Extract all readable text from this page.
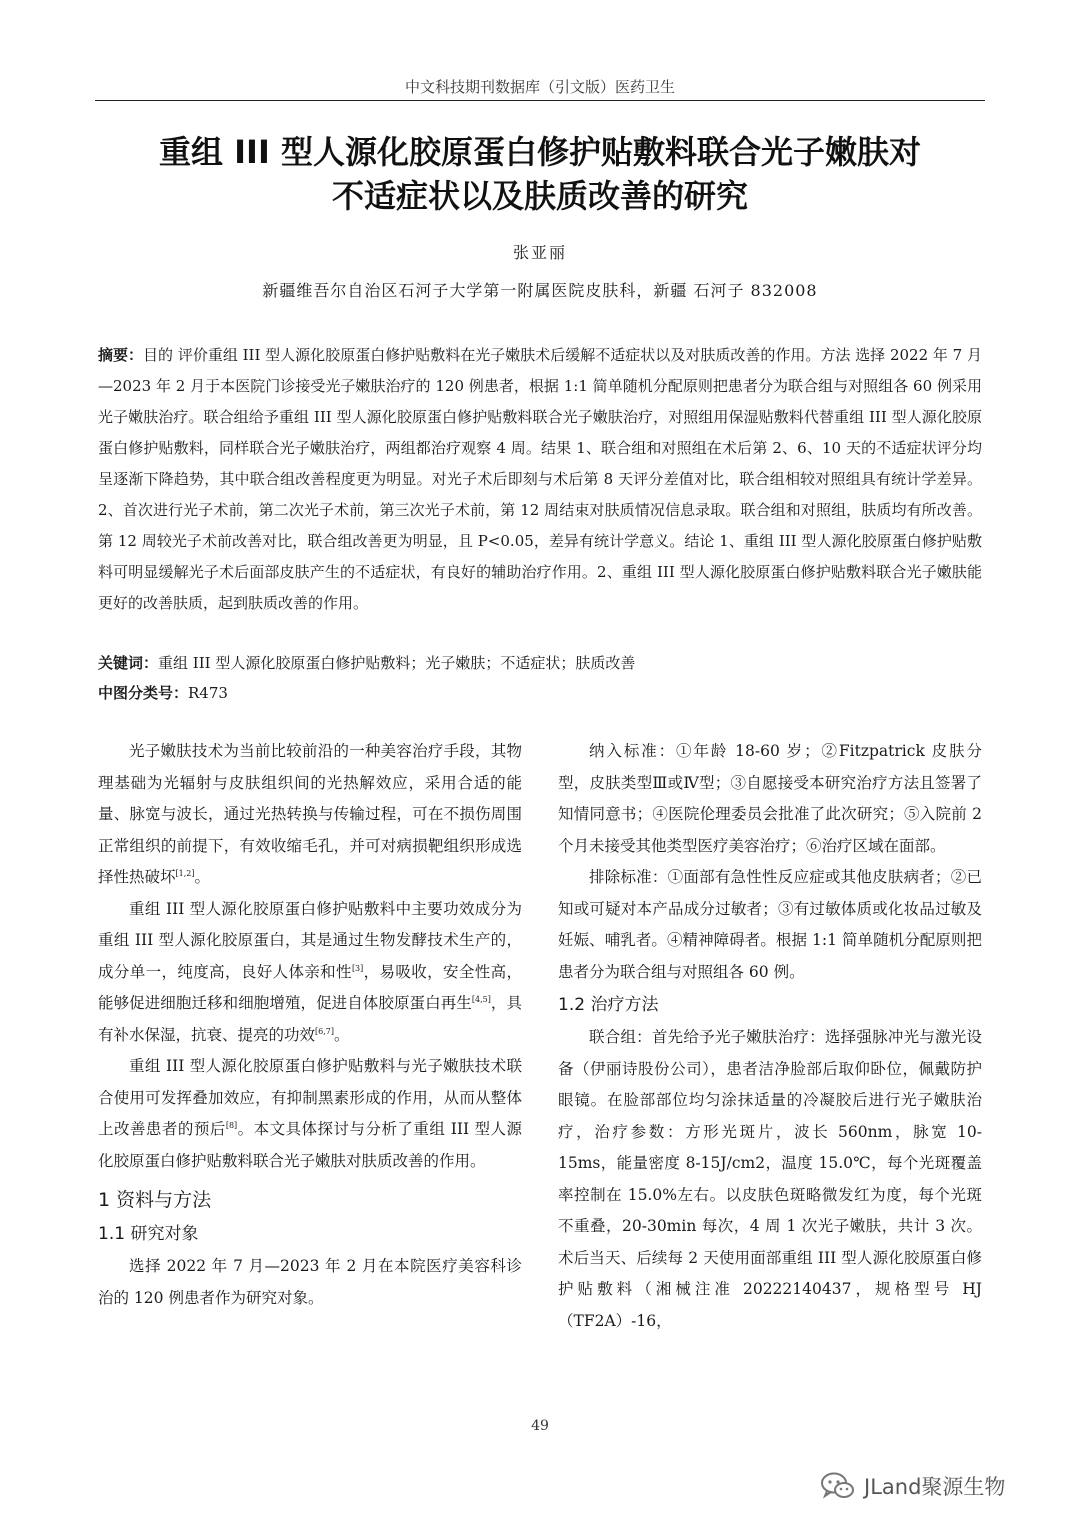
中文科技期刊数据库（引文版）医药卫生
重组 III 型人源化胶原蛋白修护贴敷料联合光子嫩肤对
不适症状以及肤质改善的研究
张亚丽
新疆维吾尔自治区石河子大学第一附属医院皮肤科，新疆 石河子 832008
摘要：目的 评价重组 III 型人源化胶原蛋白修护贴敷料在光子嫩肤术后缓解不适症状以及对肤质改善的作用。方法 选择 2022 年 7 月—2023 年 2 月于本医院门诊接受光子嫩肤治疗的 120 例患者，根据 1:1 简单随机分配原则把患者分为联合组与对照组各 60 例采用光子嫩肤治疗。联合组给予重组 III 型人源化胶原蛋白修护贴敷料联合光子嫩肤治疗，对照组用保湿贴敷料代替重组 III 型人源化胶原蛋白修护贴敷料，同样联合光子嫩肤治疗，两组都治疗观察 4 周。结果 1、联合组和对照组在术后第 2、6、10 天的不适症状评分均呈逐渐下降趋势，其中联合组改善程度更为明显。对光子术后即刻与术后第 8 天评分差值对比，联合组相较对照组具有统计学差异。2、首次进行光子术前，第二次光子术前，第三次光子术前，第 12 周结束对肤质情况信息录取。联合组和对照组，肤质均有所改善。第 12 周较光子术前改善对比，联合组改善更为明显，且 P<0.05，差异有统计学意义。结论 1、重组 III 型人源化胶原蛋白修护贴敷料可明显缓解光子术后面部皮肤产生的不适症状，有良好的辅助治疗作用。2、重组 III 型人源化胶原蛋白修护贴敷料联合光子嫩肤能更好的改善肤质，起到肤质改善的作用。
关键词：重组 III 型人源化胶原蛋白修护贴敷料；光子嫩肤；不适症状；肤质改善
中图分类号：R473

光子嫩肤技术为当前比较前沿的一种美容治疗手段，其物理基础为光辐射与皮肤组织间的光热解效应，采用合适的能量、脉宽与波长，通过光热转换与传输过程，可在不损伤周围正常组织的前提下，有效收缩毛孔，并可对病损靶组织形成选择性热破坏[1,2]。

重组 III 型人源化胶原蛋白修护贴敷料中主要功效成分为重组 III 型人源化胶原蛋白，其是通过生物发酵技术生产的，成分单一，纯度高，良好人体亲和性[3]，易吸收，安全性高，能够促进细胞迁移和细胞增殖，促进自体胶原蛋白再生[4,5]，具有补水保湿，抗衰、提亮的功效[6,7]。

重组 III 型人源化胶原蛋白修护贴敷料与光子嫩肤技术联合使用可发挥叠加效应，有抑制黑素形成的作用，从而从整体上改善患者的预后[8]。本文具体探讨与分析了重组 III 型人源化胶原蛋白修护贴敷料联合光子嫩肤对肤质改善的作用。

1 资料与方法
1.1 研究对象

选择 2022 年 7 月—2023 年 2 月在本院医疗美容科诊治的 120 例患者作为研究对象。

纳入标准：①年龄 18-60 岁；②Fitzpatrick 皮肤分型，皮肤类型Ⅲ或Ⅳ型；③自愿接受本研究治疗方法且签署了知情同意书；④医院伦理委员会批准了此次研究；⑤入院前 2 个月未接受其他类型医疗美容治疗；⑥治疗区域在面部。

排除标准：①面部有急性性反应症或其他皮肤病者；②已知或可疑对本产品成分过敏者；③有过敏体质或化妆品过敏及妊娠、哺乳者。④精神障碍者。根据 1:1 简单随机分配原则把患者分为联合组与对照组各 60 例。

1.2 治疗方法

联合组：首先给予光子嫩肤治疗：选择强脉冲光与激光设备（伊丽诗股份公司），患者洁净脸部后取仰卧位，佩戴防护眼镜。在脸部部位均匀涂抹适量的冷凝胶后进行光子嫩肤治疗，治疗参数：方形光斑片，波长 560nm，脉宽 10-15ms，能量密度 8-15J/cm2，温度 15.0℃，每个光斑覆盖率控制在 15.0%左右。以皮肤色斑略微发红为度，每个光斑不重叠，20-30min 每次，4 周 1 次光子嫩肤，共计 3 次。术后当天、后续每 2 天使用面部重组 III 型人源化胶原蛋白修护贴敷料（湘械注准 20222140437，规格型号 HJ（TF2A）-16，

49
JLand聚源生物
